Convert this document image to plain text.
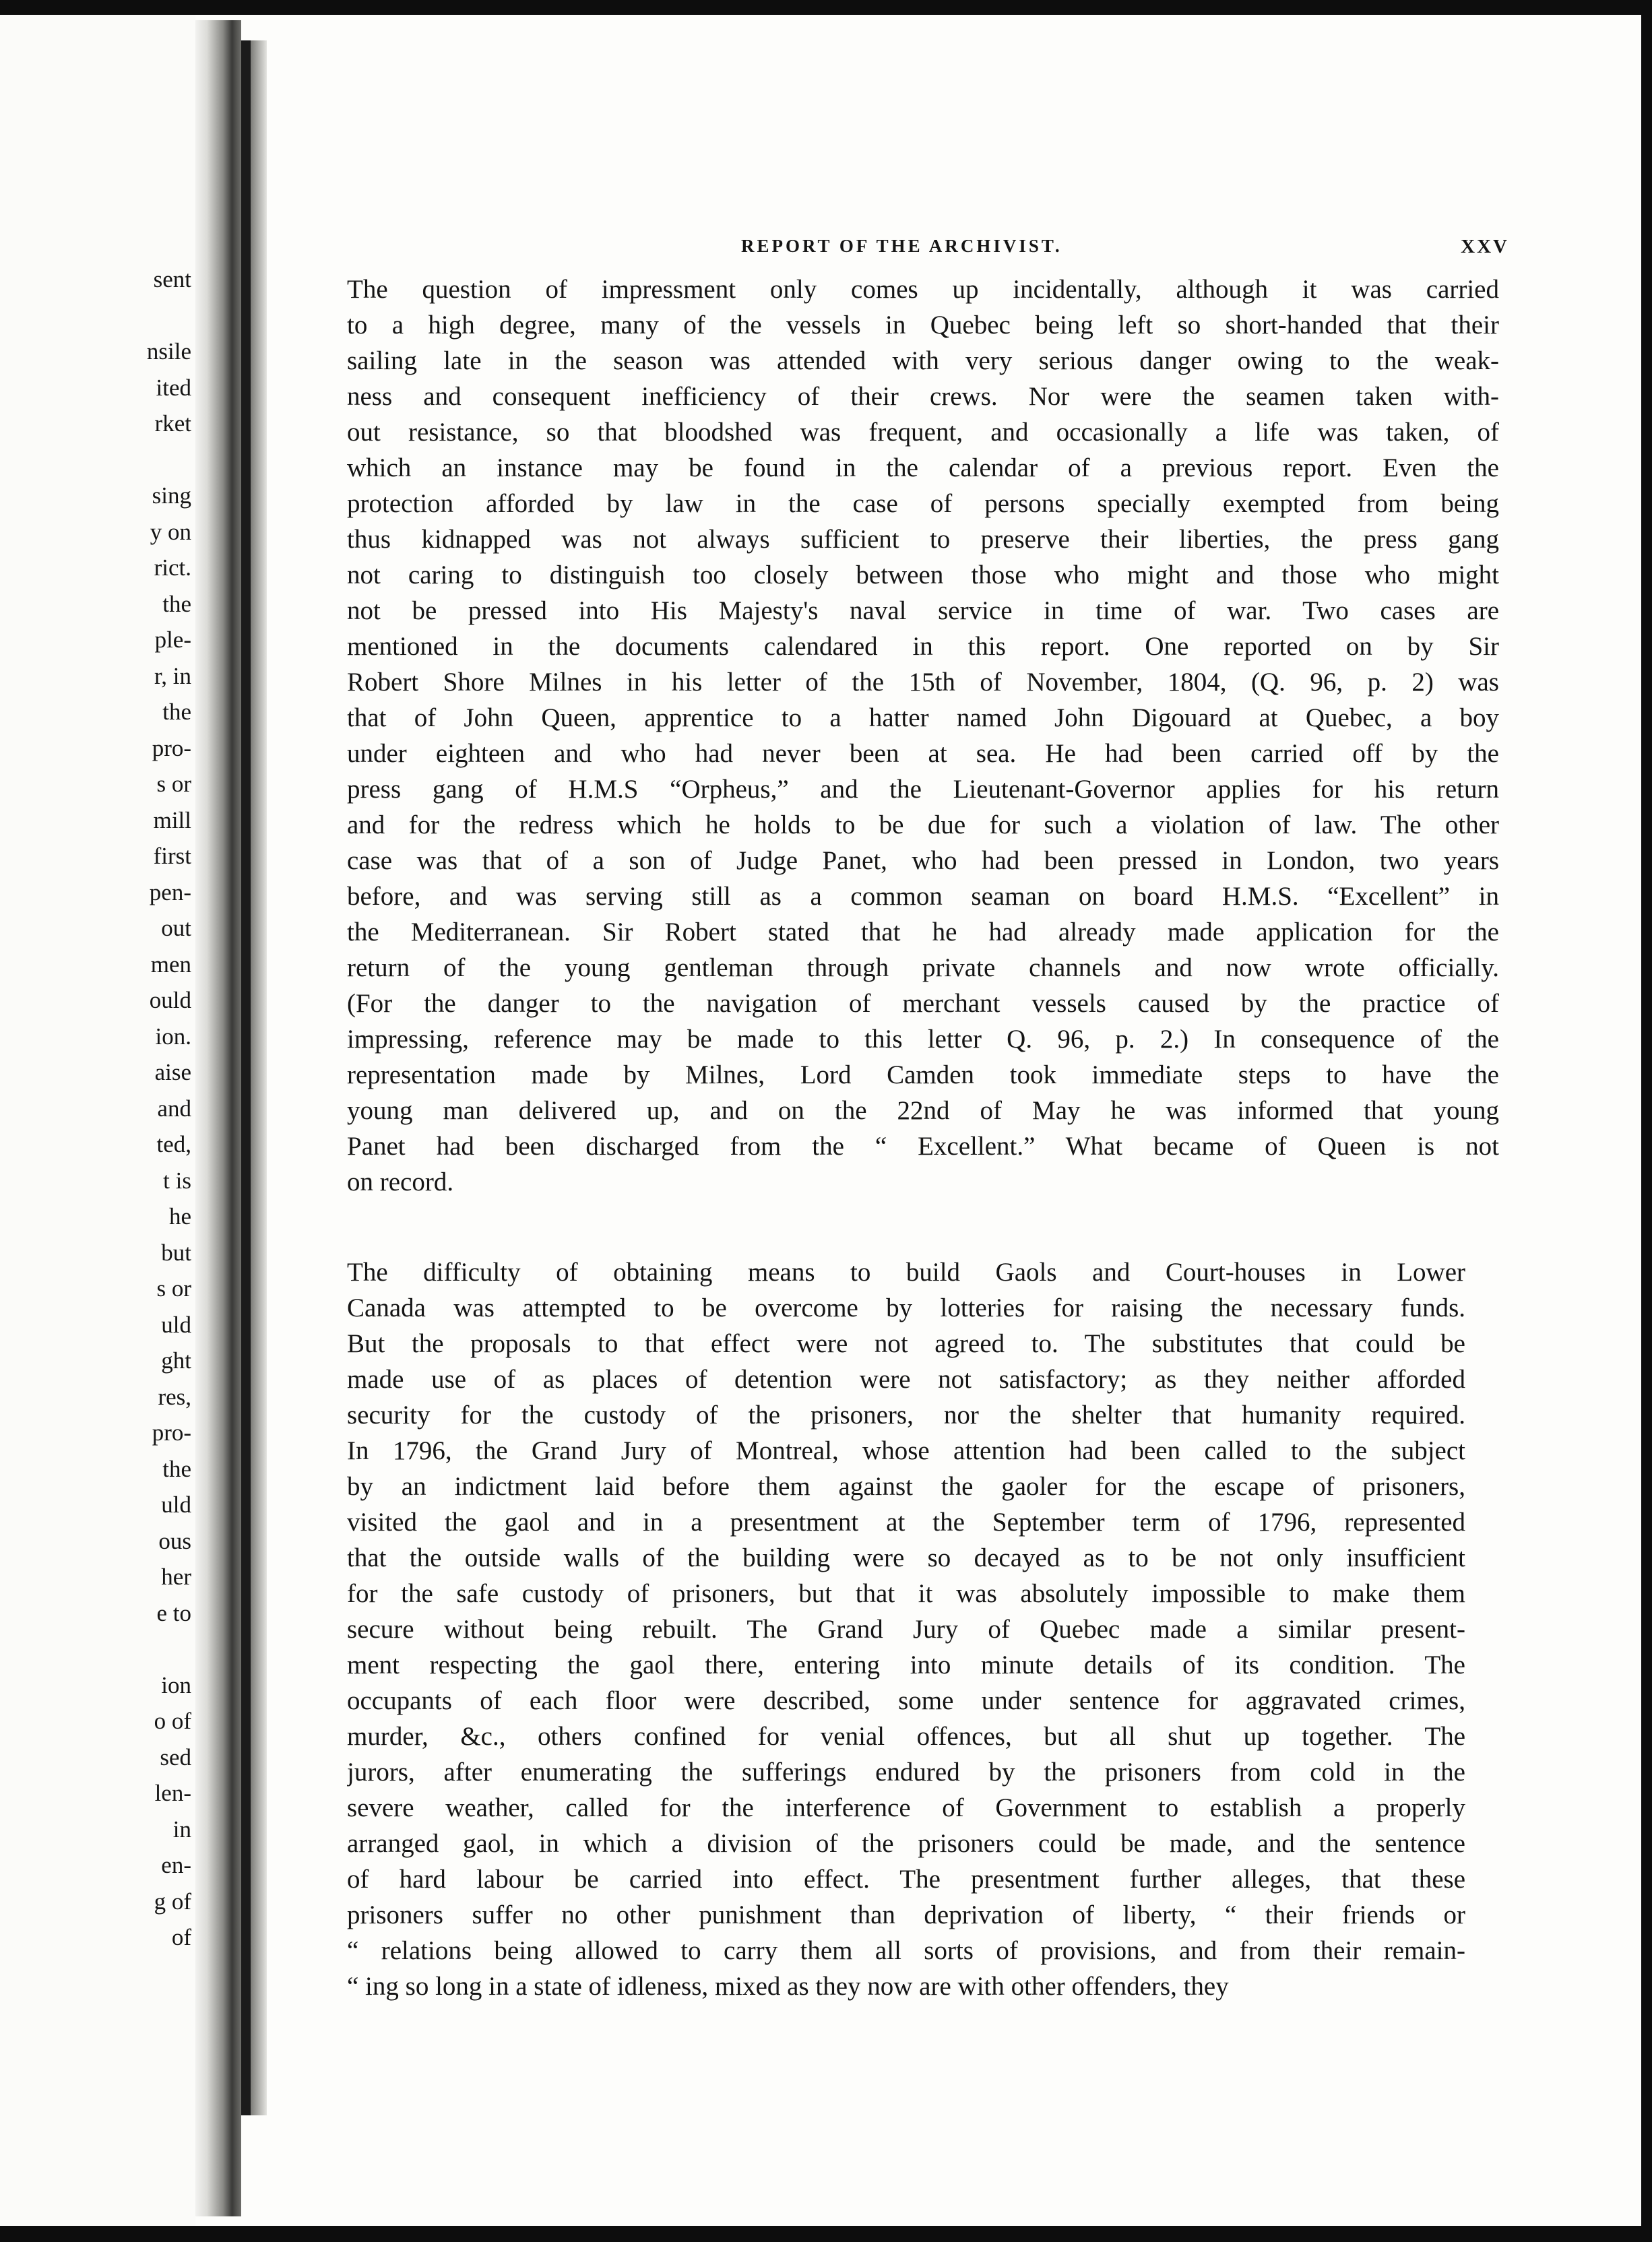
sent
nsile
ited
rket
sing
y on
rict.
the
ple-
r, in
the
pro-
s or
mill
first
pen-
out
men
ould
ion.
aise
and
ted,
t is
he
but
s or
uld
ght
res,
pro-
the
uld
ous
her
e to
ion
o of
sed
len-
in
en-
g of
of
REPORT OF THE ARCHIVIST.	XXV
The question of impressment only comes up incidentally, although it was carried
to a high degree, many of the vessels in Quebec being left so short-handed that their
sailing late in the season was attended with very serious danger owing to the weak-
ness and consequent inefficiency of their crews. Nor were the seamen taken with-
out resistance, so that bloodshed was frequent, and occasionally a life was taken, of
which an instance may be found in the calendar of a previous report. Even the
protection afforded by law in the case of persons specially exempted from being
thus kidnapped was not always sufficient to preserve their liberties, the press gang
not caring to distinguish too closely between those who might and those who might
not be pressed into His Majesty's naval service in time of war. Two cases are
mentioned in the documents calendared in this report. One reported on by Sir
Robert Shore Milnes in his letter of the 15th of November, 1804, (Q. 96, p. 2) was
that of John Queen, apprentice to a hatter named John Digouard at Quebec, a boy
under eighteen and who had never been at sea. He had been carried off by the
press gang of H.M.S “Orpheus,” and the Lieutenant-Governor applies for his return
and for the redress which he holds to be due for such a violation of law. The other
case was that of a son of Judge Panet, who had been pressed in London, two years
before, and was serving still as a common seaman on board H.M.S. “Excellent” in
the Mediterranean. Sir Robert stated that he had already made application for the
return of the young gentleman through private channels and now wrote officially.
(For the danger to the navigation of merchant vessels caused by the practice of
impressing, reference may be made to this letter Q. 96, p. 2.) In consequence of the
representation made by Milnes, Lord Camden took immediate steps to have the
young man delivered up, and on the 22nd of May he was informed that young
Panet had been discharged from the “ Excellent.” What became of Queen is not
on record.
The difficulty of obtaining means to build Gaols and Court-houses in Lower
Canada was attempted to be overcome by lotteries for raising the necessary funds.
But the proposals to that effect were not agreed to. The substitutes that could be
made use of as places of detention were not satisfactory; as they neither afforded
security for the custody of the prisoners, nor the shelter that humanity required.
In 1796, the Grand Jury of Montreal, whose attention had been called to the subject
by an indictment laid before them against the gaoler for the escape of prisoners,
visited the gaol and in a presentment at the September term of 1796, represented
that the outside walls of the building were so decayed as to be not only insufficient
for the safe custody of prisoners, but that it was absolutely impossible to make them
secure without being rebuilt. The Grand Jury of Quebec made a similar present-
ment respecting the gaol there, entering into minute details of its condition. The
occupants of each floor were described, some under sentence for aggravated crimes,
murder, &c., others confined for venial offences, but all shut up together. The
jurors, after enumerating the sufferings endured by the prisoners from cold in the
severe weather, called for the interference of Government to establish a properly
arranged gaol, in which a division of the prisoners could be made, and the sentence
of hard labour be carried into effect. The presentment further alleges, that these
prisoners suffer no other punishment than deprivation of liberty, “ their friends or
“ relations being allowed to carry them all sorts of provisions, and from their remain-
“ ing so long in a state of idleness, mixed as they now are with other offenders, they
